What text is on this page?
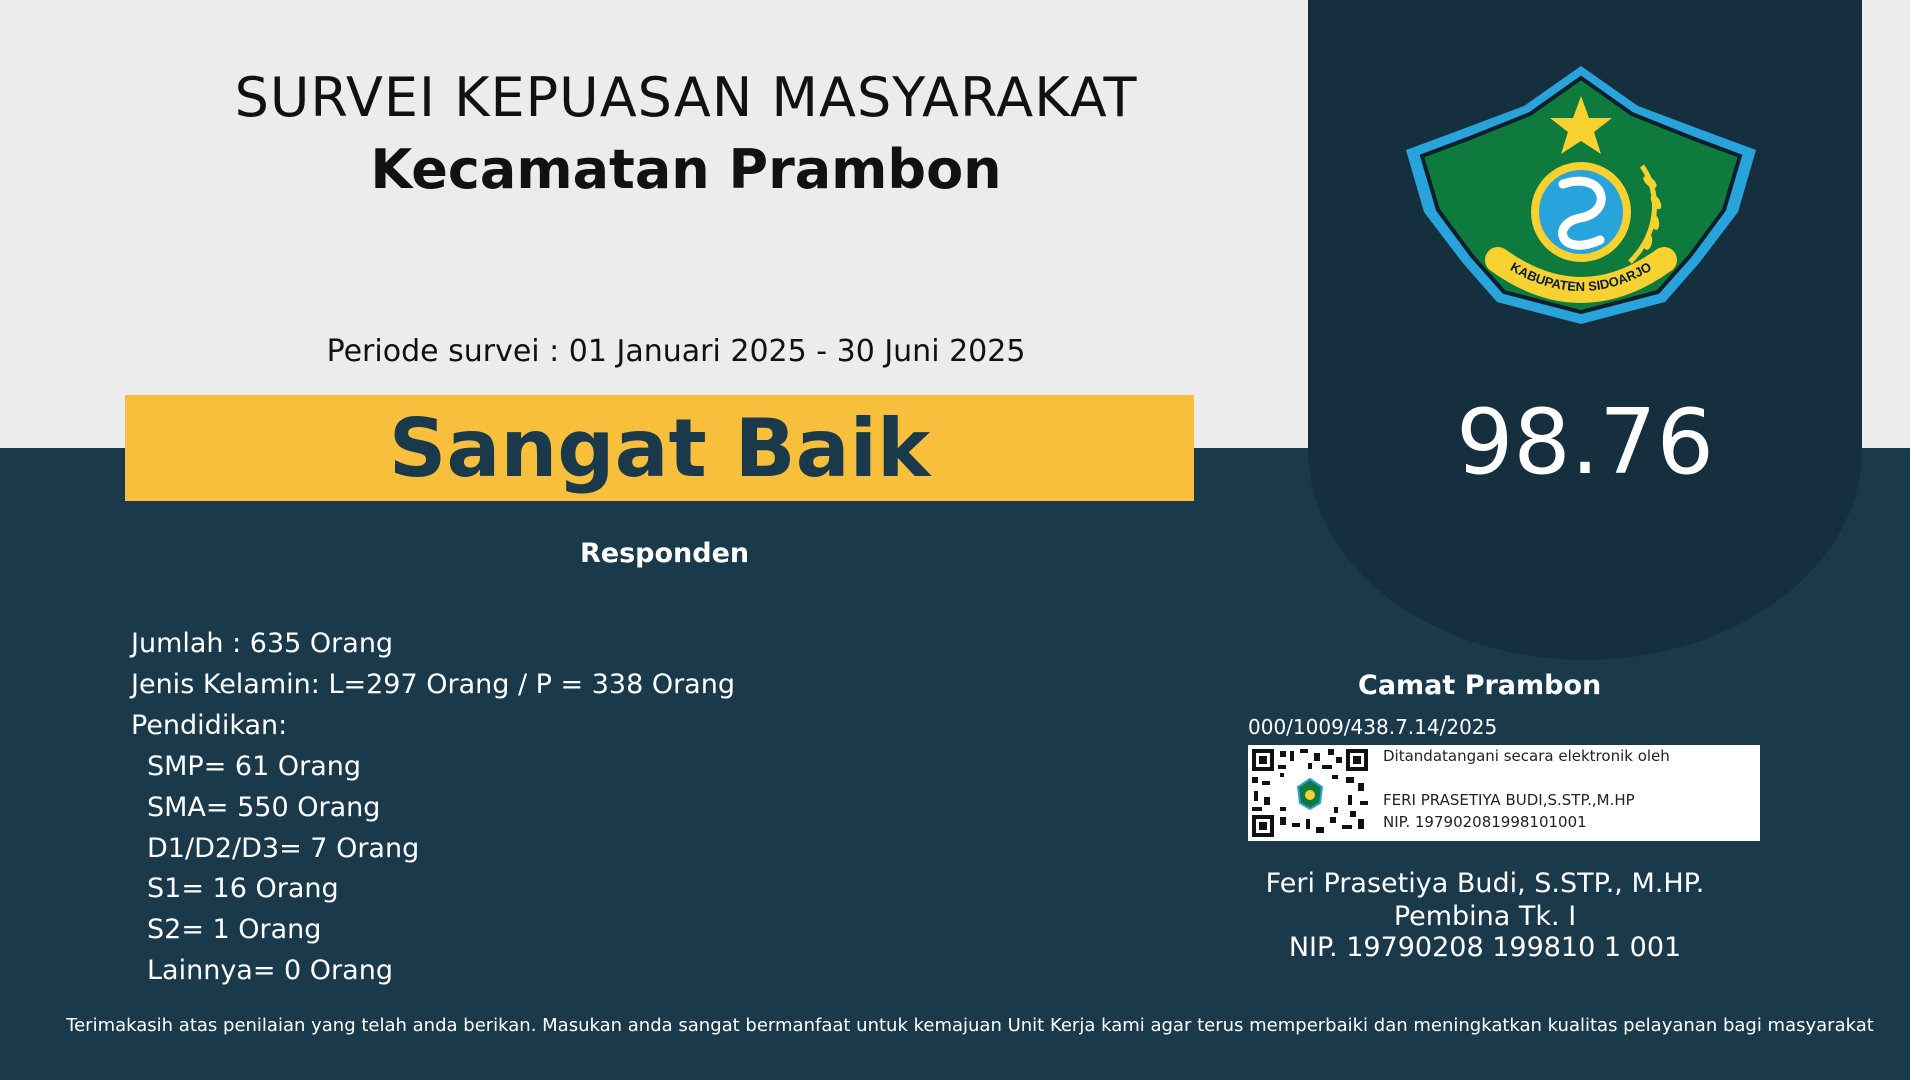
SURVEI KEPUASAN MASYARAKAT
Kecamatan Prambon
Periode survei : 01 Januari 2025 - 30 Juni 2025
Sangat Baik
Responden
Jumlah : 635 Orang
Jenis Kelamin: L=297 Orang / P = 338 Orang
Pendidikan:
SMP= 61 Orang
SMA= 550 Orang
D1/D2/D3= 7 Orang
S1= 16 Orang
S2= 1 Orang
Lainnya= 0 Orang
KABUPATEN SIDOARJO
98.76
Camat Prambon
000/1009/438.7.14/2025
Ditandatangani secara elektronik oleh
FERI PRASETIYA BUDI,S.STP.,M.HP
NIP. 197902081998101001
Feri Prasetiya Budi, S.STP., M.HP.
Pembina Tk. I
NIP. 19790208 199810 1 001
Terimakasih atas penilaian yang telah anda berikan. Masukan anda sangat bermanfaat untuk kemajuan Unit Kerja kami agar terus memperbaiki dan meningkatkan kualitas pelayanan bagi masyarakat
